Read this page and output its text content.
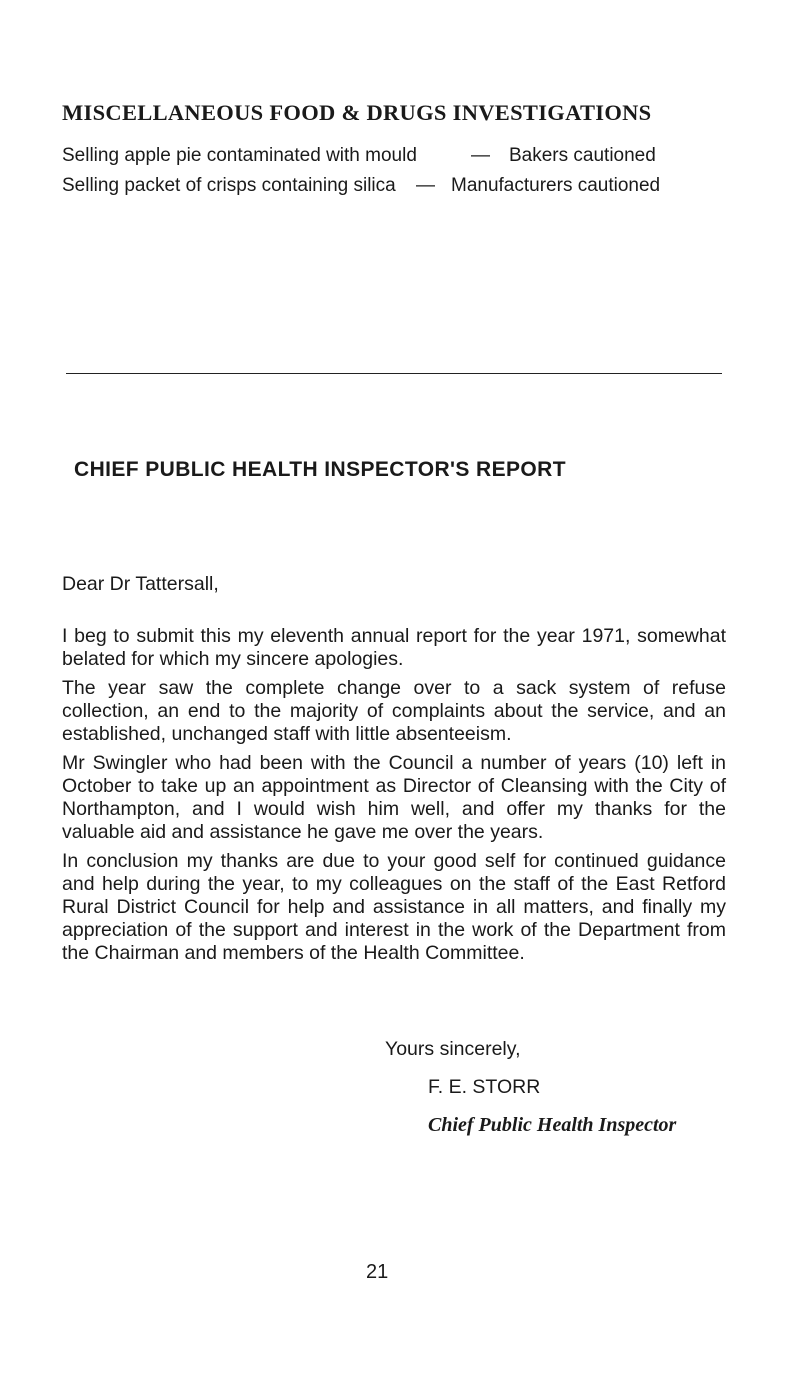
MISCELLANEOUS FOOD & DRUGS INVESTIGATIONS
Selling apple pie contaminated with mould	— Bakers cautioned
Selling packet of crisps containing silica — Manufacturers cautioned
CHIEF PUBLIC HEALTH INSPECTOR'S REPORT
Dear Dr Tattersall,

I beg to submit this my eleventh annual report for the year 1971, somewhat belated for which my sincere apologies.

The year saw the complete change over to a sack system of refuse collection, an end to the majority of complaints about the service, and an established, unchanged staff with little absenteeism.

Mr Swingler who had been with the Council a number of years (10) left in October to take up an appointment as Director of Cleansing with the City of Northampton, and I would wish him well, and offer my thanks for the valuable aid and assistance he gave me over the years.

In conclusion my thanks are due to your good self for continued guidance and help during the year, to my colleagues on the staff of the East Retford Rural District Council for help and assistance in all matters, and finally my appreciation of the support and interest in the work of the Department from the Chairman and members of the Health Committee.

Yours sincerely,
F. E. STORR
Chief Public Health Inspector
21
